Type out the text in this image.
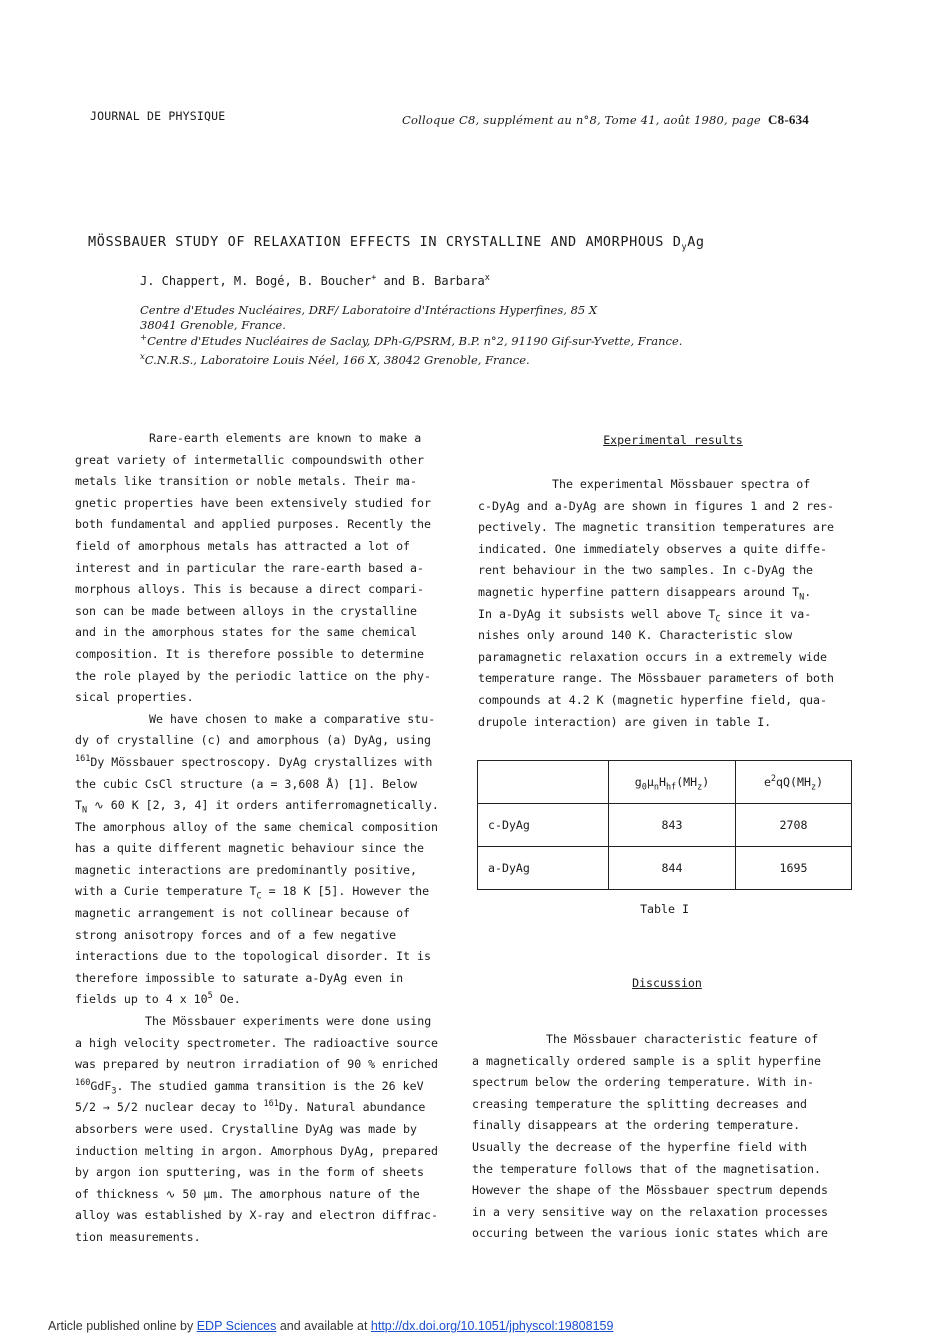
JOURNAL DE PHYSIQUE	Colloque C8, supplément au n°8, Tome 41, août 1980, page C8-634
MÖSSBAUER STUDY OF RELAXATION EFFECTS IN CRYSTALLINE AND AMORPHOUS $D_yAg$
J. Chappert, M. Bogé, B. Boucher+ and B. Barbara$^x$
Centre d'Etudes Nucléaires, DRF/ Laboratoire d'Intéractions Hyperfines, 85 X
38041 Grenoble, France.
+Centre d'Etudes Nucléaires de Saclay, DPh-G/PSRM, B.P. n°2, 91190 Gif-sur-Yvette, France.
$^x$C.N.R.S., Laboratoire Louis Néel, 166 X, 38042 Grenoble, France.
Rare-earth elements are known to make a
great variety of intermetallic compoundswith other
metals like transition or noble metals. Their ma-
gnetic properties have been extensively studied for
both fundamental and applied purposes. Recently the
field of amorphous metals has attracted a lot of
interest and in particular the rare-earth based a-
morphous alloys. This is because a direct compari-
son can be made between alloys in the crystalline
and in the amorphous states for the same chemical
composition. It is therefore possible to determine
the role played by the periodic lattice on the phy-
sical properties.
We have chosen to make a comparative stu-
dy of crystalline (c) and amorphous (a) DyAg, using
$^{161}$Dy Mössbauer spectroscopy. DyAg crystallizes with
the cubic CsCl structure (a = 3,608 Å) [1]. Below
$T_N$ ∿ 60 K [2, 3, 4] it orders antiferromagnetically.
The amorphous alloy of the same chemical composition
has a quite different magnetic behaviour since the
magnetic interactions are predominantly positive,
with a Curie temperature $T_C = 18$ K [5]. However the
magnetic arrangement is not collinear because of
strong anisotropy forces and of a few negative
interactions due to the topological disorder. It is
therefore impossible to saturate a-DyAg even in
fields up to 4 x $10^5$ Oe.
The Mössbauer experiments were done using
a high velocity spectrometer. The radioactive source
was prepared by neutron irradiation of 90 % enriched
$^{160}$GdF$_3$. The studied gamma transition is the 26 keV
5/2 → 5/2 nuclear decay to $^{161}$Dy. Natural abundance
absorbers were used. Crystalline DyAg was made by
induction melting in argon. Amorphous DyAg, prepared
by argon ion sputtering, was in the form of sheets
of thickness ∿ 50 μm. The amorphous nature of the
alloy was established by X-ray and electron diffrac-
tion measurements.
Experimental results
The experimental Mössbauer spectra of
c-DyAg and a-DyAg are shown in figures 1 and 2 res-
pectively. The magnetic transition temperatures are
indicated. One immediately observes a quite diffe-
rent behaviour in the two samples. In c-DyAg the
magnetic hyperfine pattern disappears around $T_N$.
In a-DyAg it subsists well above $T_C$ since it va-
nishes only around 140 K. Characteristic slow
paramagnetic relaxation occurs in a extremely wide
temperature range. The Mössbauer parameters of both
compounds at 4.2 K (magnetic hyperfine field, qua-
drupole interaction) are given in table I.
	$g_0\mu_nH_{hf}(MH_z)$	$e^2qQ(MH_z)$
c-DyAg	843	2708
a-DyAg	844	1695
Table I
Discussion
The Mössbauer characteristic feature of
a magnetically ordered sample is a split hyperfine
spectrum below the ordering temperature. With in-
creasing temperature the splitting decreases and
finally disappears at the ordering temperature.
Usually the decrease of the hyperfine field with
the temperature follows that of the magnetisation.
However the shape of the Mössbauer spectrum depends
in a very sensitive way on the relaxation processes
occuring between the various ionic states which are
Article published online by EDP Sciences and available at http://dx.doi.org/10.1051/jphyscol:19808159
